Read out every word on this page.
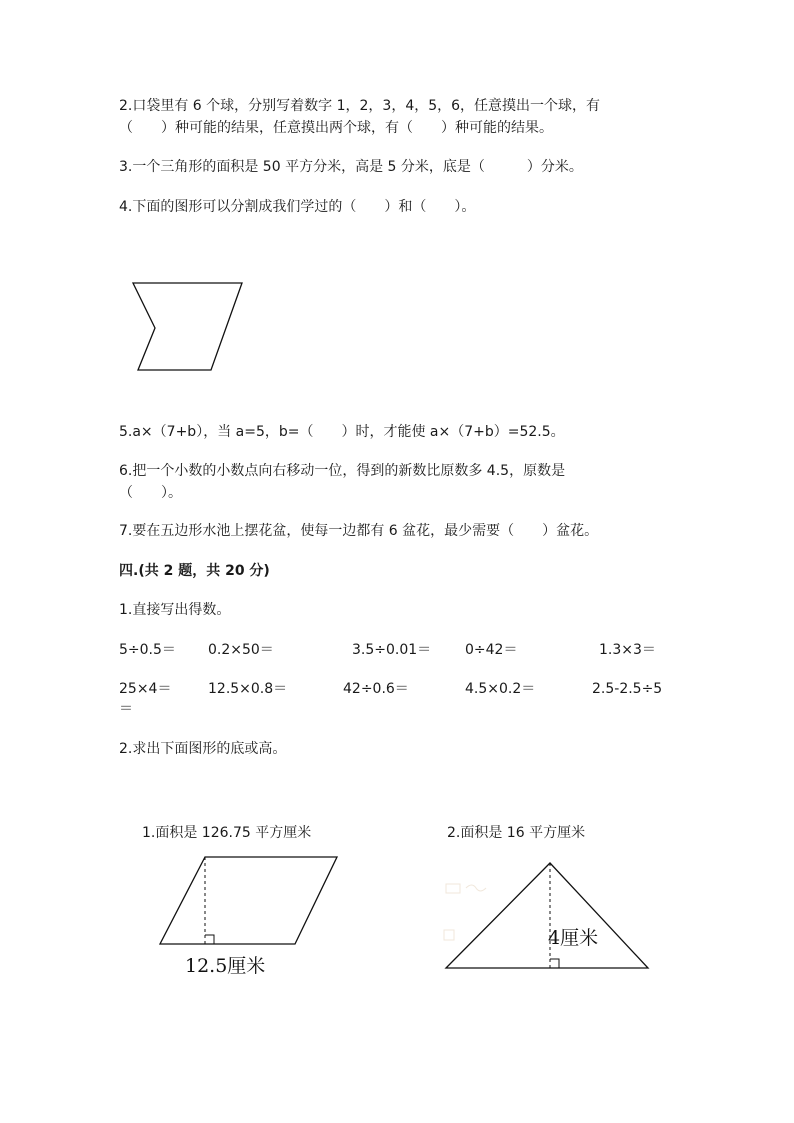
2.口袋里有 6 个球，分别写着数字 1，2，3，4，5，6，任意摸出一个球，有
（　　）种可能的结果，任意摸出两个球，有（　　）种可能的结果。
3.一个三角形的面积是 50 平方分米，高是 5 分米，底是（　　　）分米。
4.下面的图形可以分割成我们学过的（　　）和（　　）。
5.a×（7+b），当 a=5，b=（　　）时，才能使 a×（7+b）=52.5。
6.把一个小数的小数点向右移动一位，得到的新数比原数多 4.5，原数是
（　　）。
7.要在五边形水池上摆花盆，使每一边都有 6 盆花，最少需要（　　）盆花。
四.(共 2 题，共 20 分)
1.直接写出得数。
5÷0.5＝ 0.2×50＝	3.5÷0.01＝ 0÷42＝	1.3×3＝
25×4＝	12.5×0.8＝	42÷0.6＝	4.5×0.2＝	2.5-2.5÷5
＝
2.求出下面图形的底或高。
1.面积是 126.75 平方厘米
12.5厘米
2.面积是 16 平方厘米
4厘米
